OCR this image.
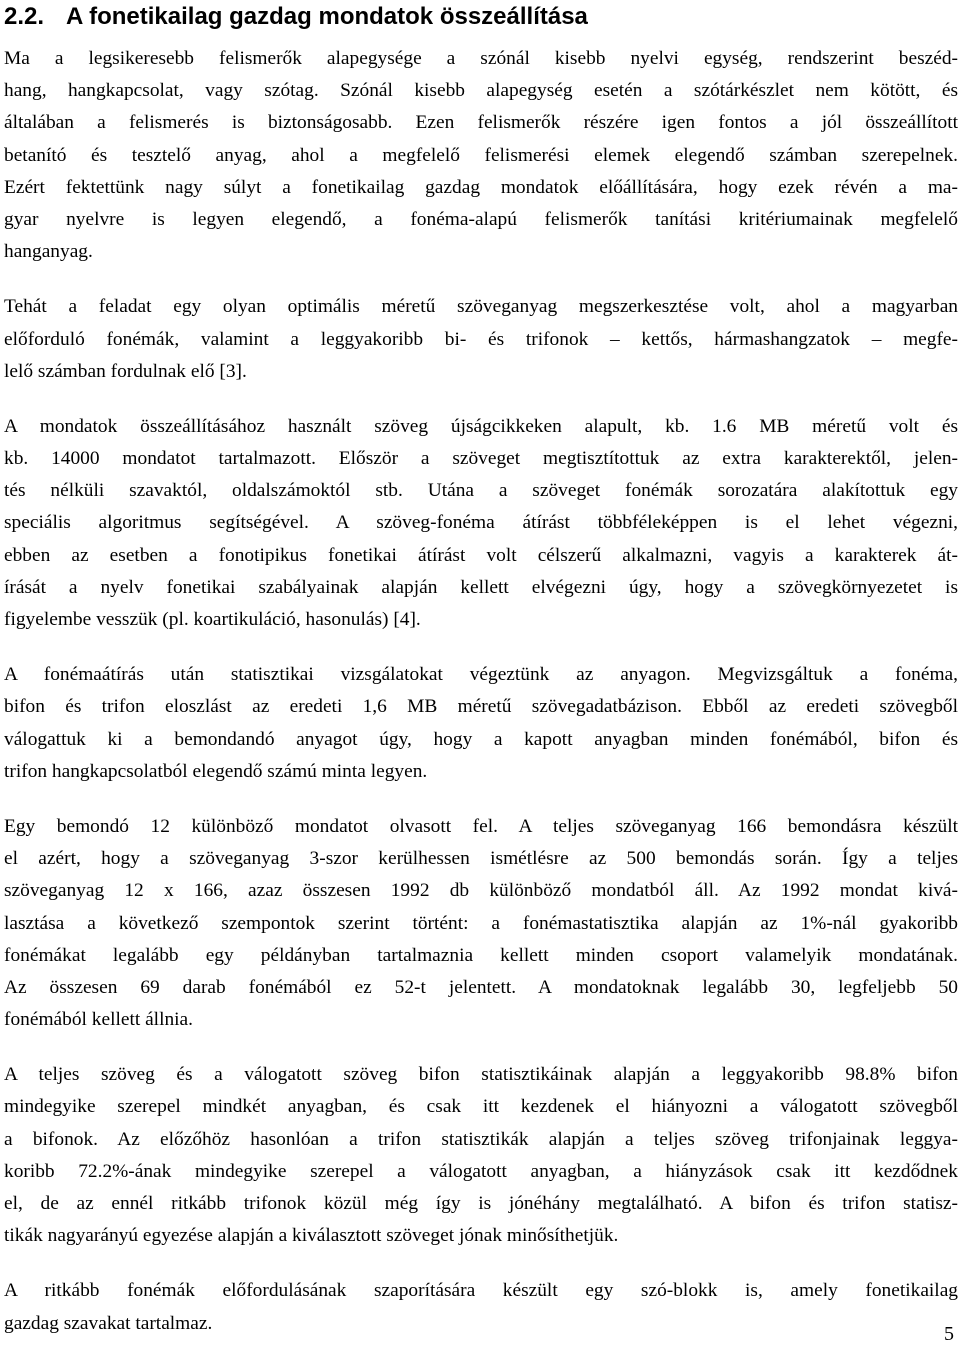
2.2. A fonetikailag gazdag mondatok összeállítása

Ma a legsikeresebb felismerők alapegysége a szónál kisebb nyelvi egység, rendszerint beszéd-
hang, hangkapcsolat, vagy szótag. Szónál kisebb alapegység esetén a szótárkészlet nem kötött, és
általában a felismerés is biztonságosabb. Ezen felismerők részére igen fontos a jól összeállított
betanító és tesztelő anyag, ahol a megfelelő felismerési elemek elegendő számban szerepelnek.
Ezért fektettünk nagy súlyt a fonetikailag gazdag mondatok előállítására, hogy ezek révén a ma-
gyar nyelvre is legyen elegendő, a fonéma-alapú felismerők tanítási kritériumainak megfelelő
hanganyag.

Tehát a feladat egy olyan optimális méretű szöveganyag megszerkesztése volt, ahol a magyarban
előforduló fonémák, valamint a leggyakoribb bi- és trifonok – kettős, hármashangzatok – megfe-
lelő számban fordulnak elő [3].

A mondatok összeállításához használt szöveg újságcikkeken alapult, kb. 1.6 MB méretű volt és
kb. 14000 mondatot tartalmazott. Először a szöveget megtisztítottuk az extra karakterektől, jelen-
tés nélküli szavaktól, oldalszámoktól stb. Utána a szöveget fonémák sorozatára alakítottuk egy
speciális algoritmus segítségével. A szöveg-fonéma átírást többféleképpen is el lehet végezni,
ebben az esetben a fonotipikus fonetikai átírást volt célszerű alkalmazni, vagyis a karakterek át-
írását a nyelv fonetikai szabályainak alapján kellett elvégezni úgy, hogy a szövegkörnyezetet is
figyelembe vesszük (pl. koartikuláció, hasonulás) [4].

A fonémaátírás után statisztikai vizsgálatokat végeztünk az anyagon. Megvizsgáltuk a fonéma,
bifon és trifon eloszlást az eredeti 1,6 MB méretű szövegadatbázison. Ebből az eredeti szövegből
válogattuk ki a bemondandó anyagot úgy, hogy a kapott anyagban minden fonémából, bifon és
trifon hangkapcsolatból elegendő számú minta legyen.

Egy bemondó 12 különböző mondatot olvasott fel. A teljes szöveganyag 166 bemondásra készült
el azért, hogy a szöveganyag 3-szor kerülhessen ismétlésre az 500 bemondás során. Így a teljes
szöveganyag 12 x 166, azaz összesen 1992 db különböző mondatból áll. Az 1992 mondat kivá-
lasztása a következő szempontok szerint történt: a fonémastatisztika alapján az 1%-nál gyakoribb
fonémákat legalább egy példányban tartalmaznia kellett minden csoport valamelyik mondatának.
Az összesen 69 darab fonémából ez 52-t jelentett. A mondatoknak legalább 30, legfeljebb 50
fonémából kellett állnia.

A teljes szöveg és a válogatott szöveg bifon statisztikáinak alapján a leggyakoribb 98.8% bifon
mindegyike szerepel mindkét anyagban, és csak itt kezdenek el hiányozni a válogatott szövegből
a bifonok. Az előzőhöz hasonlóan a trifon statisztikák alapján a teljes szöveg trifonjainak leggya-
koribb 72.2%-ának mindegyike szerepel a válogatott anyagban, a hiányzások csak itt kezdődnek
el, de az ennél ritkább trifonok közül még így is jónéhány megtalálható. A bifon és trifon statisz-
tikák nagyarányú egyezése alapján a kiválasztott szöveget jónak minősíthetjük.

A ritkább fonémák előfordulásának szaporítására készült egy szó-blokk is, amely fonetikailag
gazdag szavakat tartalmaz.	5
